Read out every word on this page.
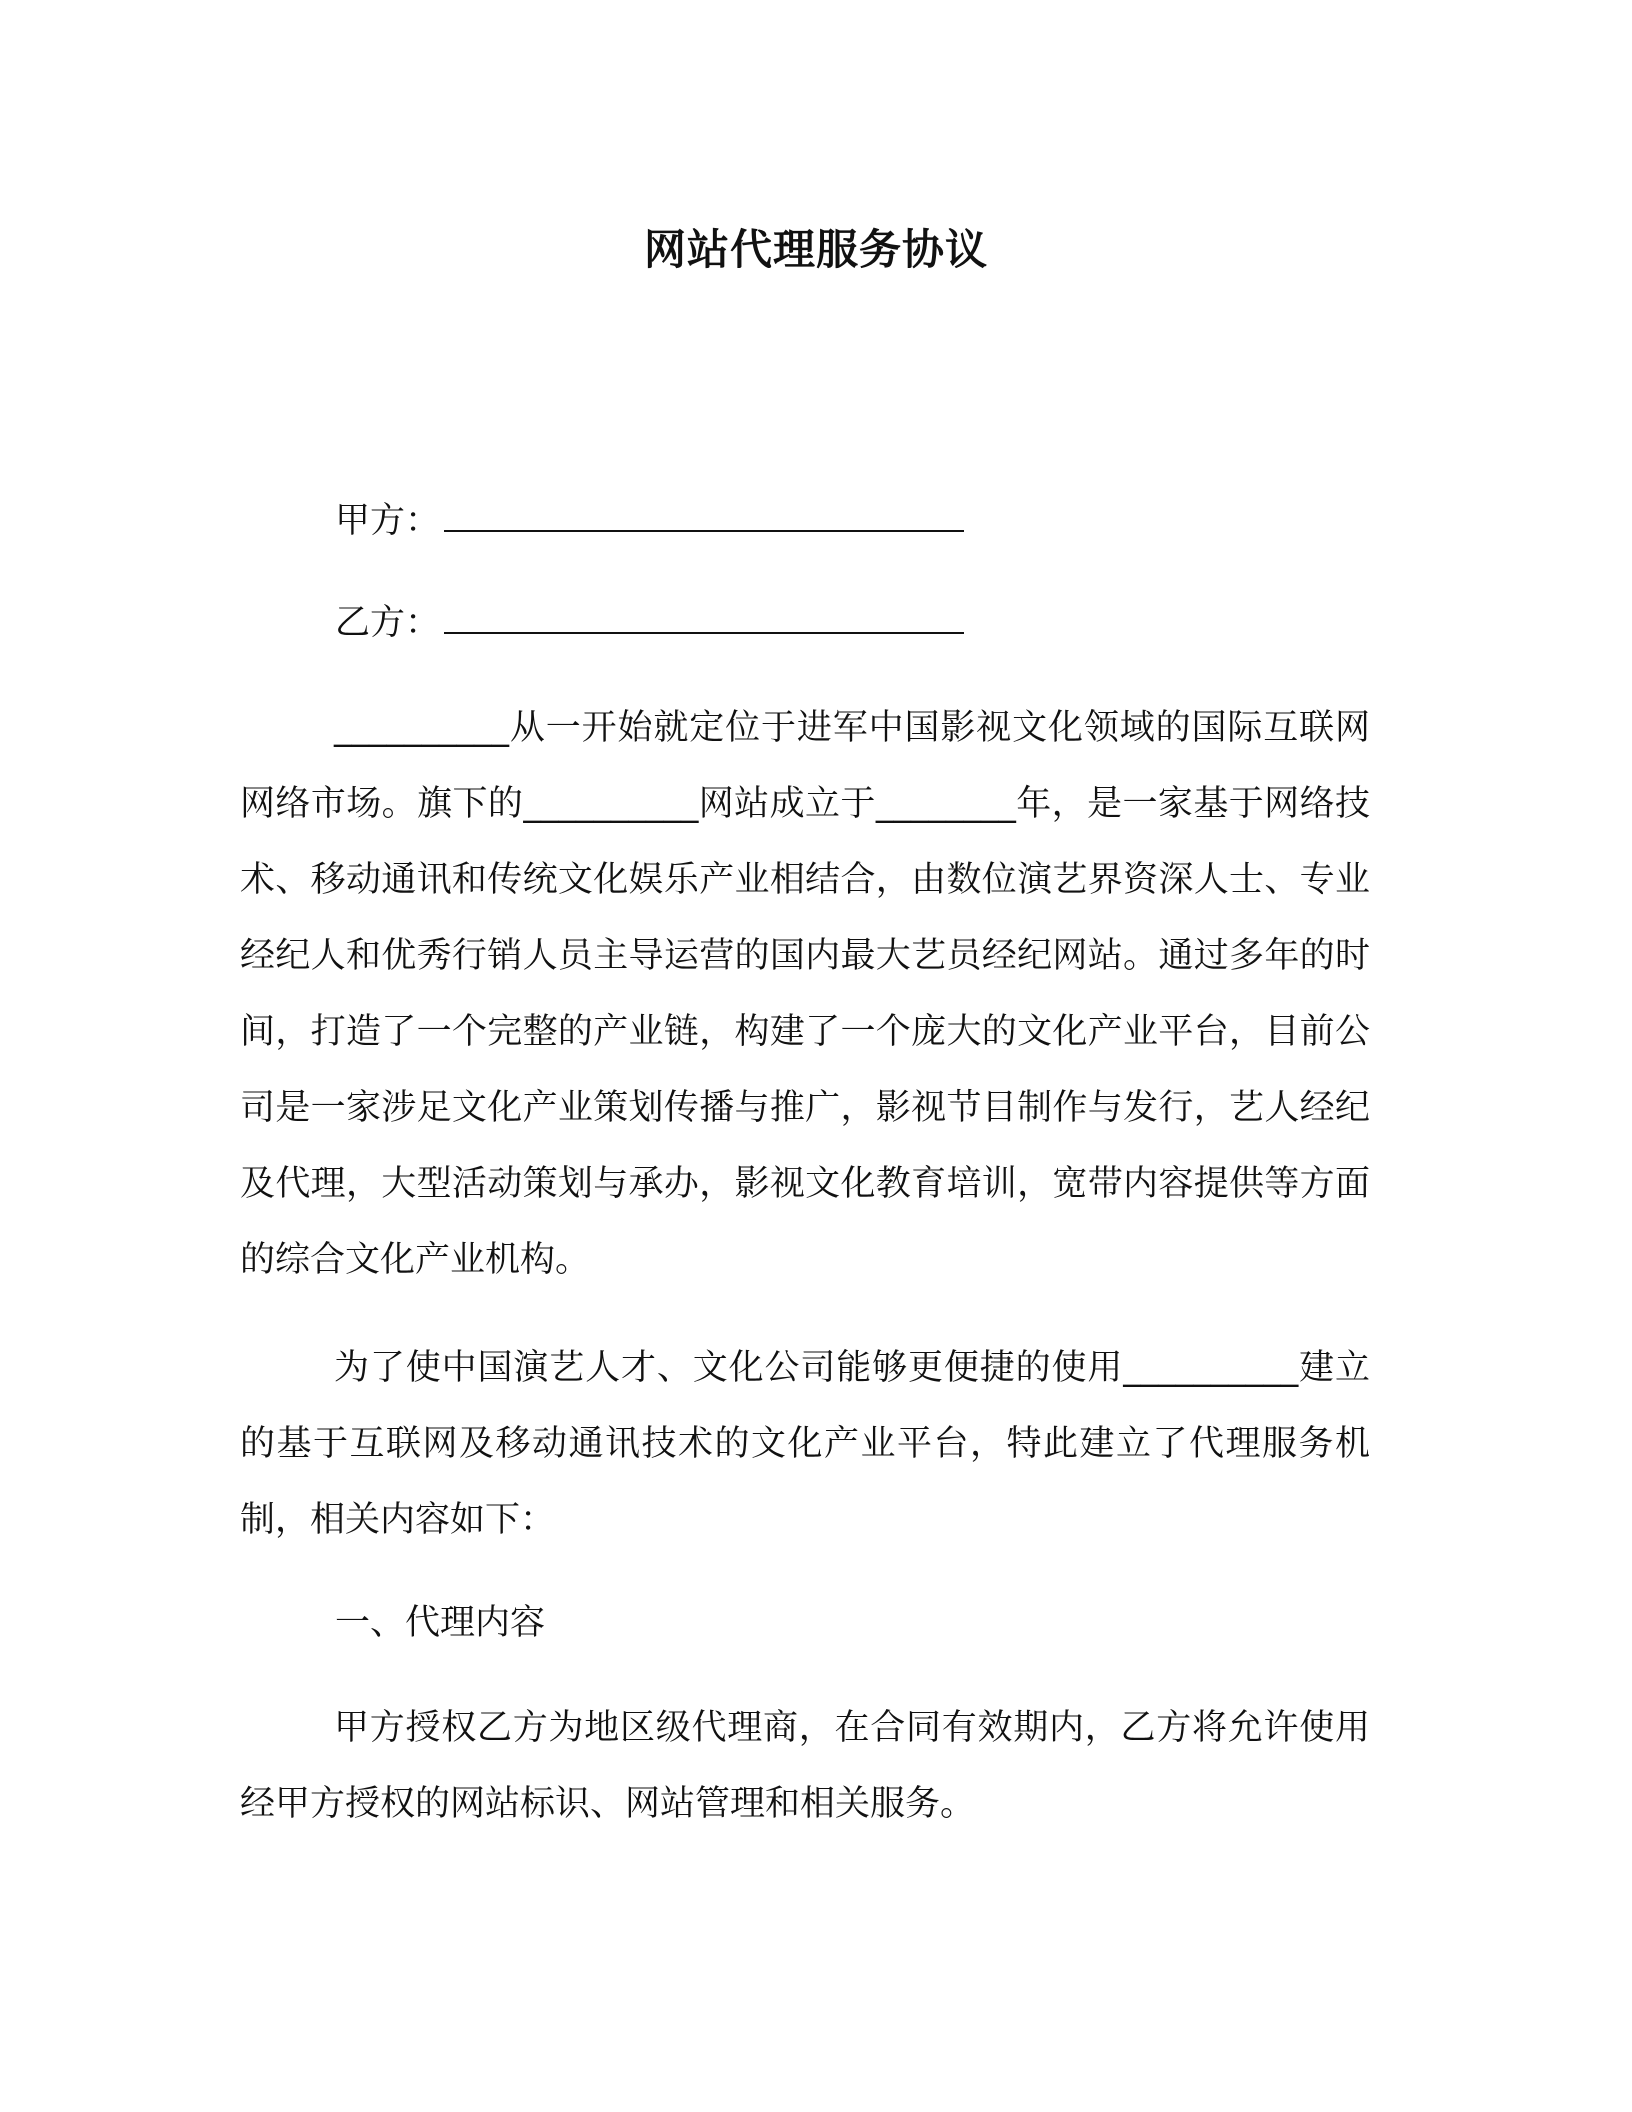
网站代理服务协议
甲方：
乙方：

__________从一开始就定位于进军中国影视文化领域的国际互联网网络市场。旗下的__________网站成立于________年，是一家基于网络技术、移动通讯和传统文化娱乐产业相结合，由数位演艺界资深人士、专业经纪人和优秀行销人员主导运营的国内最大艺员经纪网站。通过多年的时间，打造了一个完整的产业链，构建了一个庞大的文化产业平台，目前公司是一家涉足文化产业策划传播与推广，影视节目制作与发行，艺人经纪及代理，大型活动策划与承办，影视文化教育培训，宽带内容提供等方面的综合文化产业机构。

为了使中国演艺人才、文化公司能够更便捷的使用__________建立的基于互联网及移动通讯技术的文化产业平台，特此建立了代理服务机制，相关内容如下：

一、代理内容

甲方授权乙方为地区级代理商，在合同有效期内，乙方将允许使用经甲方授权的网站标识、网站管理和相关服务。
